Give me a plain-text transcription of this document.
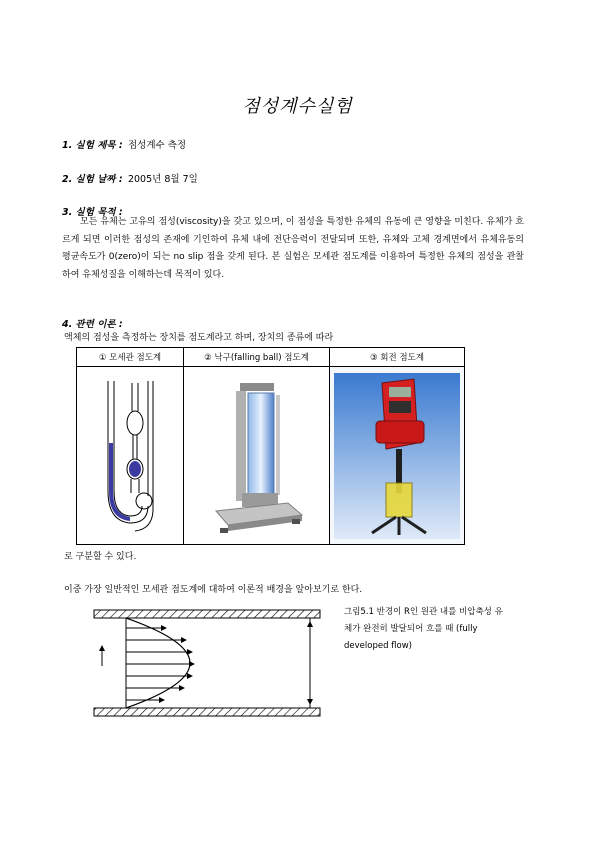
점성계수실험
1. 실험 제목 : 점성계수 측정
2. 실험 날짜 : 2005년 8월 7일
3. 실험 목적 :

모든 유체는 고유의 점성(viscosity)을 갖고 있으며, 이 점성을 특정한 유체의 유동에 큰 영향을 미친다. 유체가 흐르게 되면 이러한 점성의 존재에 기인하여 유체 내에 전단응력이 전달되며 또한, 유체와 고체 경계면에서 유체유동의 평균속도가 0(zero)이 되는 no slip 점을 갖게 된다. 본 실험은 모세관 점도계를 이용하여 특정한 유체의 점성을 관찰하여 유체성질을 이해하는데 목적이 있다.

4. 관련 이론 :
액체의 점성을 측정하는 장치를 점도계라고 하며, 장치의 종류에 따라
① 모세관 점도계	② 낙구(falling ball) 점도계	③ 회전 점도계

로 구분할 수 있다.
이중 가장 일반적인 모세관 점도계에 대하여 이론적 배경을 알아보기로 한다.

그림5.1 반경이 R인 원관 내를 비압축성 유체가 완전히 발달되어 흐를 때 (fully developed flow)
